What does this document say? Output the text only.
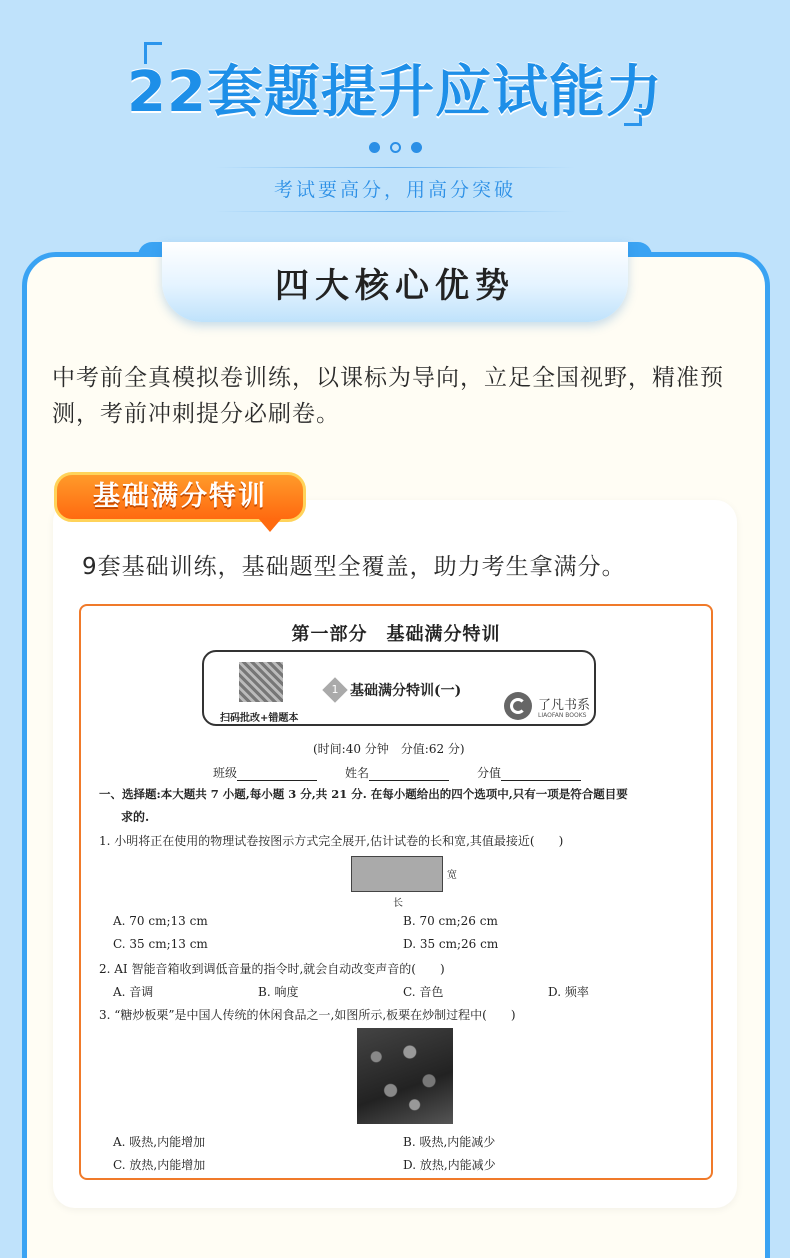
22套题提升应试能力
考试要高分，用高分突破
四大核心优势
中考前全真模拟卷训练，以课标为导向，立足全国视野，精准预测，考前冲刺提分必刷卷。
基础满分特训
9套基础训练，基础题型全覆盖，助力考生拿满分。
第一部分　基础满分特训
扫码批改+错题本
1 基础满分特训(一)
了凡书系
LIAOFAN BOOKS
(时间:40 分钟　分值:62 分)
班级	姓名	分值
一、选择题:本大题共 7 小题,每小题 3 分,共 21 分. 在每小题给出的四个选项中,只有一项是符合题目要
求的.
1. 小明将正在使用的物理试卷按图示方式完全展开,估计试卷的长和宽,其值最接近(　　)
宽
长
A. 70 cm;13 cm	B. 70 cm;26 cm
C. 35 cm;13 cm	D. 35 cm;26 cm
2. AI 智能音箱收到调低音量的指令时,就会自动改变声音的(　　)
A. 音调	B. 响度	C. 音色	D. 频率
3. “糖炒板栗”是中国人传统的休闲食品之一,如图所示,板栗在炒制过程中(　　)
A. 吸热,内能增加	B. 吸热,内能减少
C. 放热,内能增加	D. 放热,内能减少
